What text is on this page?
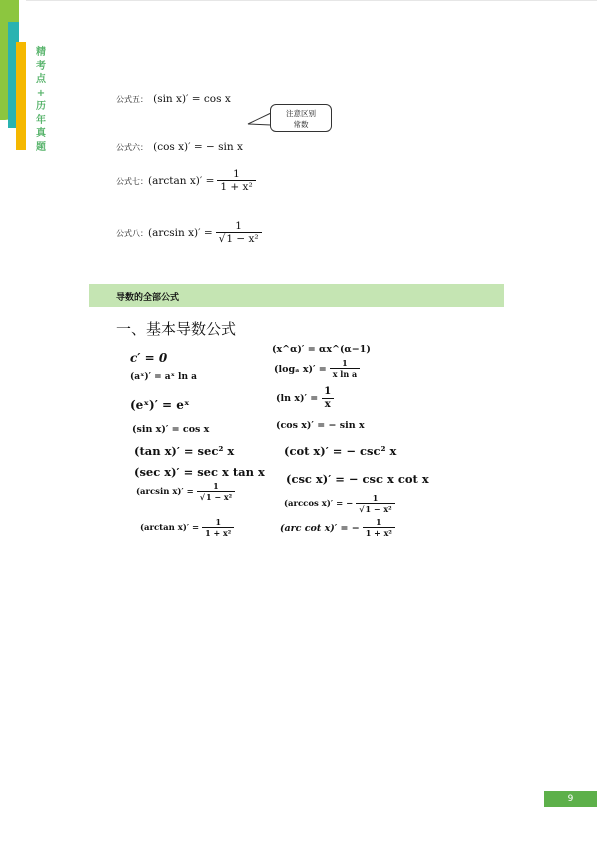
精
考
点
+
历
年
真
题
公式五： (sin x)′ = cos x
注意区别
常数
公式六： (cos x)′ = − sin x
公式七： (arctan $x)' = \frac{1}{\text{1 + x²}}$
公式八： (arcsin $x)' = \frac{1}{\text{√1 − x²}}$
导数的全部公式
一、基本导数公式
c′ = 0
(aˣ)′ = aˣ ln a
(eˣ)′ = eˣ
(sin x)′ = cos x
(tan x)′ = sec² x
(sec x)′ = sec x tan x
(arcsin $x)' = \frac{1}{\text{√1 − x²}}$
(arctan $x)' = \frac{1}{\text{1 + x²}}$
(x^α)′ = αx^(α−1)
(logₐ $x)' = \frac{1}{\text{x ln a}}$
(ln $x)' = \frac{1}{x}$
(cos x)′ = − sin x
(cot x)′ = − csc² x
(csc x)′ = − csc x cot x
(arccos x)′ = − $\frac{1}{\text{√1 − x²}}$
(arc cot x)′ = − $\frac{1}{\text{1 + x²}}$
9
